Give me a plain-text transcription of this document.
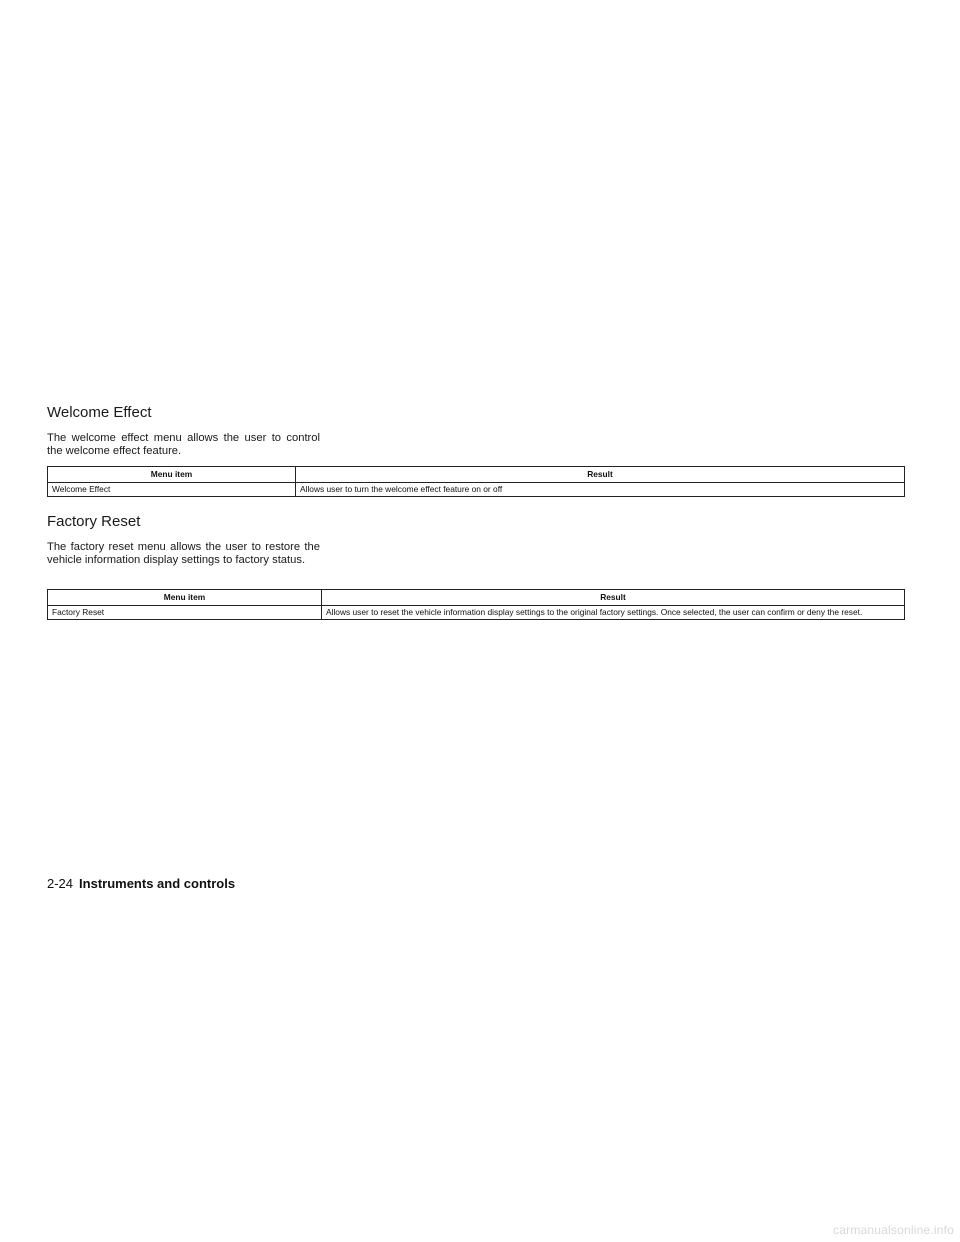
Welcome Effect

The welcome effect menu allows the user to control the welcome effect feature.

Menu item	Result
Welcome Effect	Allows user to turn the welcome effect feature on or off
Factory Reset

The factory reset menu allows the user to restore the vehicle information display settings to factory status.

Menu item	Result
Factory Reset	Allows user to reset the vehicle information display settings to the original factory settings. Once selected, the user can confirm or deny the reset.
2-24 Instruments and controls
carmanualsonline.info
